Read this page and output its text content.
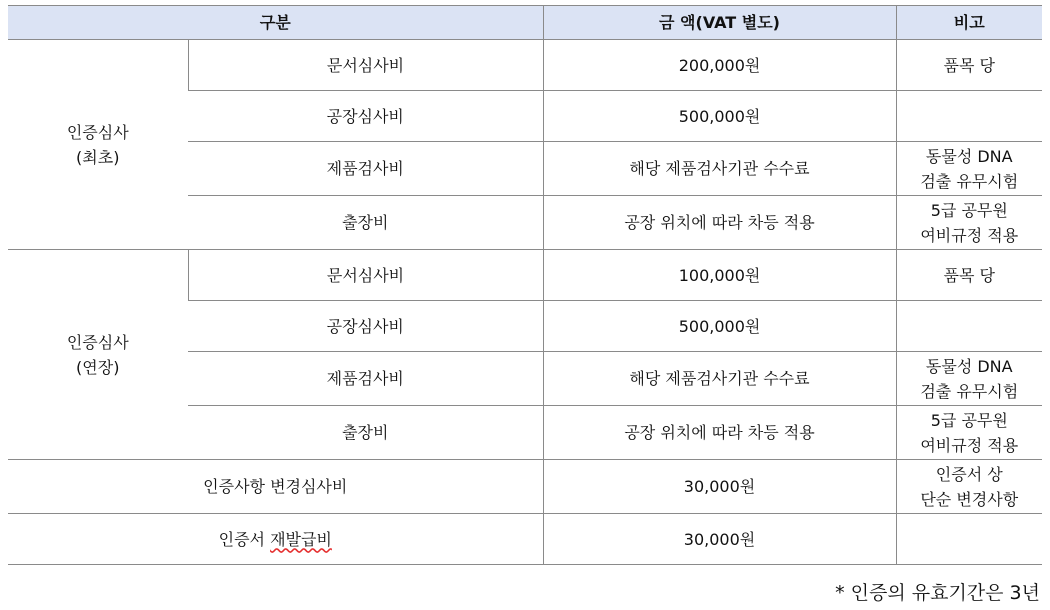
구분		금 액(VAT 별도)	비고

인증심사
(최초)	문서심사비	200,000원	품목 당

	공장심사비	500,000원	

	제품검사비	해당 제품검사기관 수수료	동물성 DNA
검출 유무시험

	출장비	공장 위치에 따라 차등 적용	5급 공무원
여비규정 적용

인증심사
(연장)	문서심사비	100,000원	품목 당

	공장심사비	500,000원	

	제품검사비	해당 제품검사기관 수수료	동물성 DNA
검출 유무시험

	출장비	공장 위치에 따라 차등 적용	5급 공무원
여비규정 적용

인증사항 변경심사비		30,000원	인증서 상
단순 변경사항

인증서 재발급비		30,000원	
* 인증의 유효기간은 3년
